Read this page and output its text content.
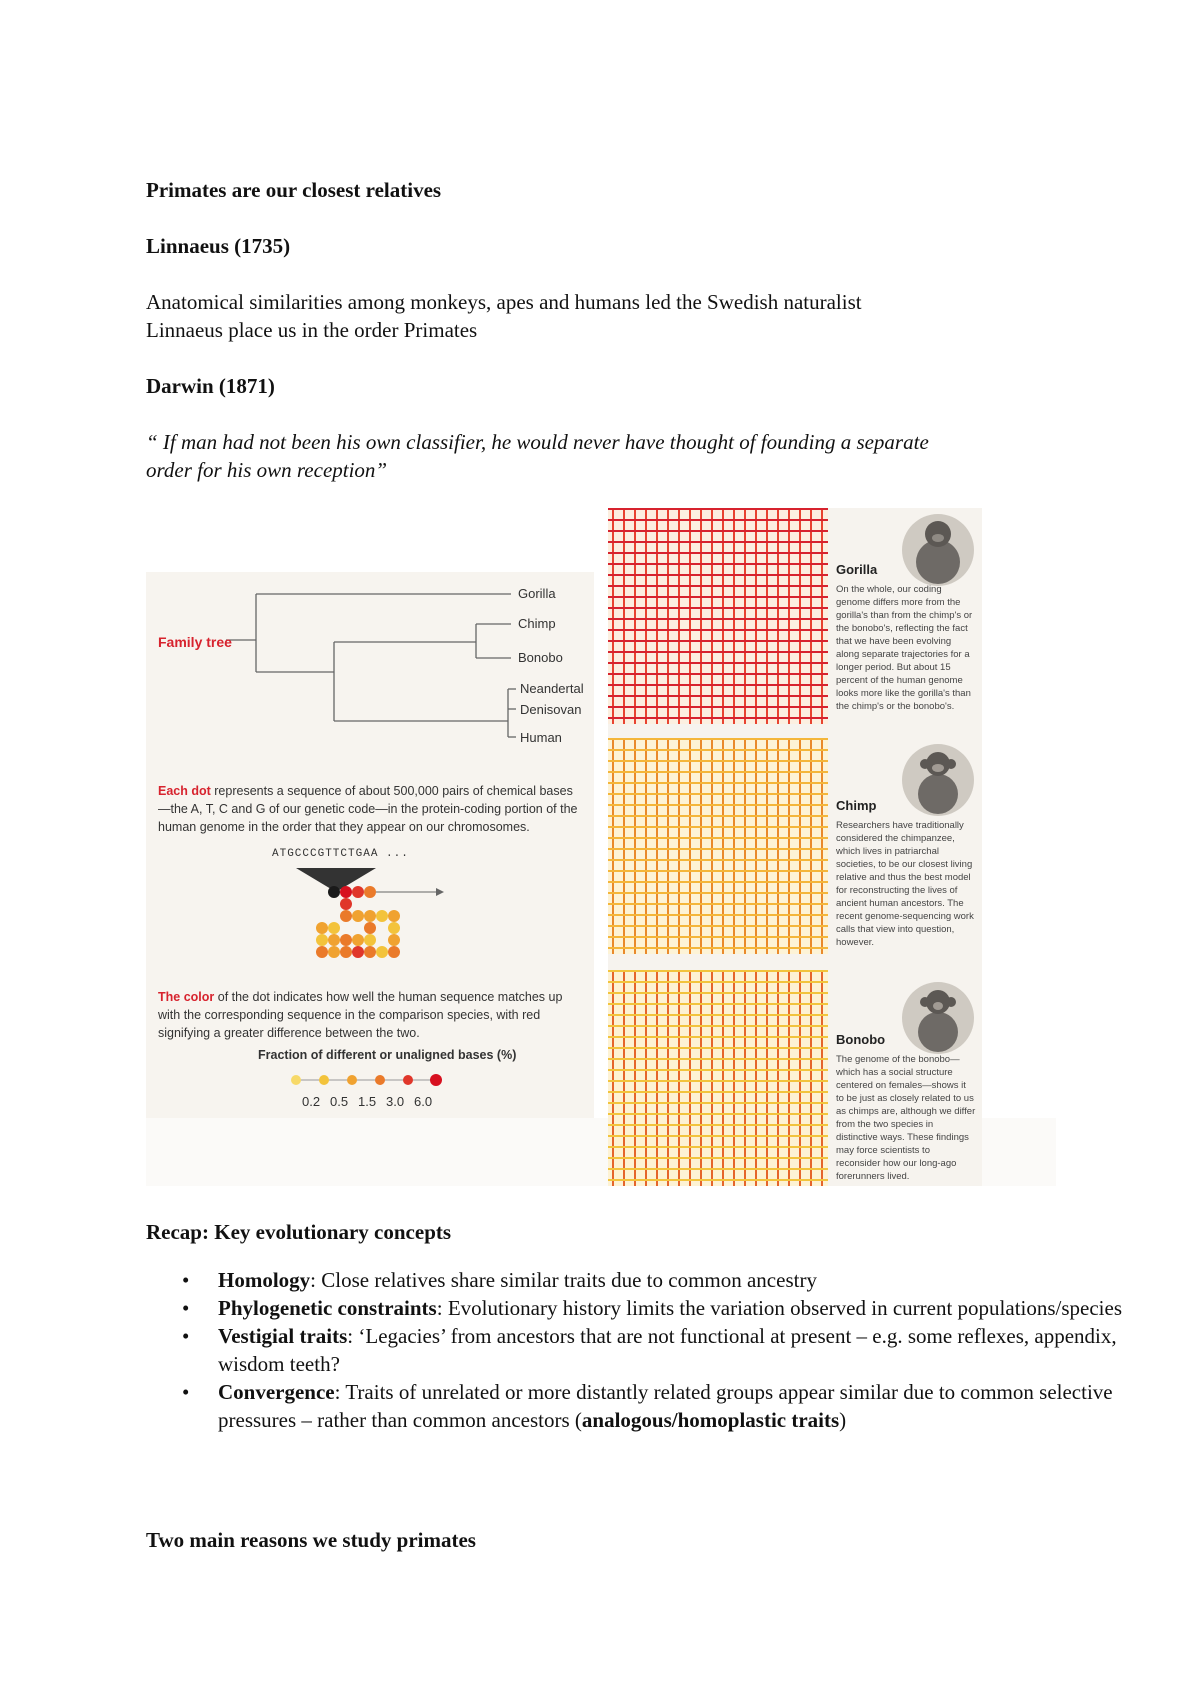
Primates are our closest relatives

Linnaeus (1735)

Anatomical similarities among monkeys, apes and humans led the Swedish naturalist

Linnaeus place us in the order Primates

Darwin (1871)

“ If man had not been his own classifier, he would never have thought of founding a separate

order for his own reception”

Family tree
Gorilla
Chimp
Bonobo
Neandertal
Denisovan
Human
Each dot represents a sequence of about 500,000 pairs of chemical bases—the A, T, C and G of our genetic code—in the protein-coding portion of the human genome in the order that they appear on our chromosomes.
ATGCCCGTTCTGAA ...
The color of the dot indicates how well the human sequence matches up with the corresponding sequence in the comparison species, with red signifying a greater difference between the two.
Fraction of different or unaligned bases (%)
0.2 0.5 1.5 3.0 6.0
Gorilla
On the whole, our coding genome differs more from the gorilla's than from the chimp's or the bonobo's, reflecting the fact that we have been evolving along separate trajectories for a longer period. But about 15 percent of the human genome looks more like the gorilla's than the chimp's or the bonobo's.
Chimp
Researchers have traditionally considered the chimpanzee, which lives in patriarchal societies, to be our closest living relative and thus the best model for reconstructing the lives of ancient human ancestors. The recent genome-sequencing work calls that view into question, however.
Bonobo
The genome of the bonobo—which has a social structure centered on females—shows it to be just as closely related to us as chimps are, although we differ from the two species in distinctive ways. These findings may force scientists to reconsider how our long-ago forerunners lived.

Recap: Key evolutionary concepts

• Homology: Close relatives share similar traits due to common ancestry
• Phylogenetic constraints: Evolutionary history limits the variation observed in current populations/species
• Vestigial traits: ‘Legacies’ from ancestors that are not functional at present – e.g. some reflexes, appendix, wisdom teeth?
• Convergence: Traits of unrelated or more distantly related groups appear similar due to common selective pressures – rather than common ancestors (analogous/homoplastic traits)

Two main reasons we study primates
